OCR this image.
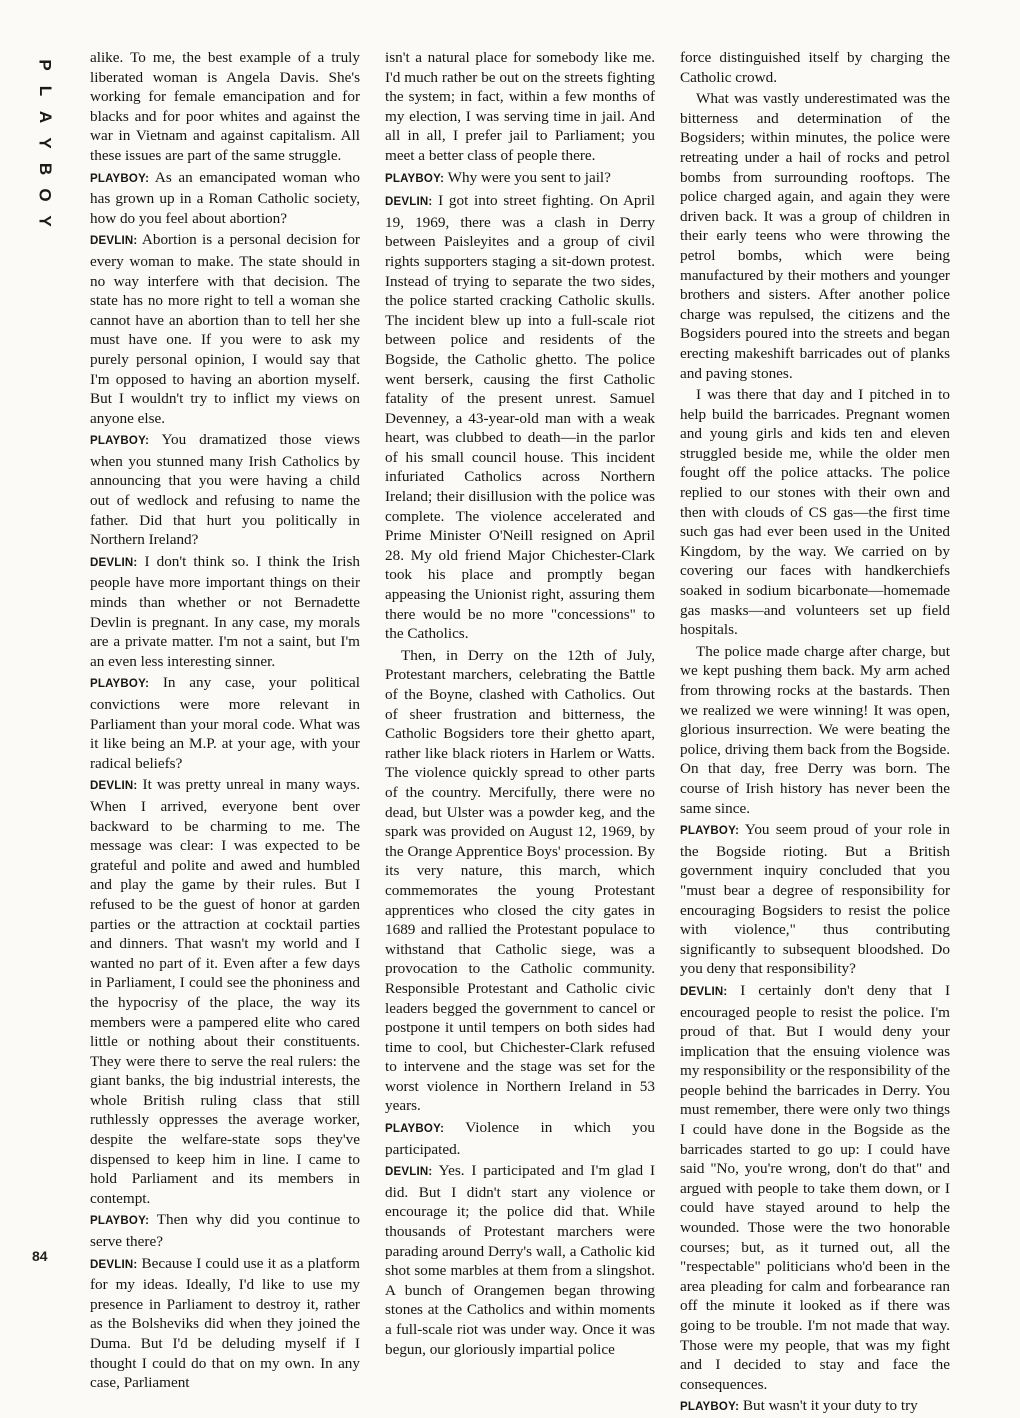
P
L
A
Y
B
O
Y
84

alike. To me, the best example of a truly liberated woman is Angela Davis. She's working for female emancipation and for blacks and for poor whites and against the war in Vietnam and against capitalism. All these issues are part of the same struggle.

PLAYBOY: As an emancipated woman who has grown up in a Roman Catholic society, how do you feel about abortion?

DEVLIN: Abortion is a personal decision for every woman to make. The state should in no way interfere with that decision. The state has no more right to tell a woman she cannot have an abortion than to tell her she must have one. If you were to ask my purely personal opinion, I would say that I'm opposed to having an abortion myself. But I wouldn't try to inflict my views on anyone else.

PLAYBOY: You dramatized those views when you stunned many Irish Catholics by announcing that you were having a child out of wedlock and refusing to name the father. Did that hurt you politically in Northern Ireland?

DEVLIN: I don't think so. I think the Irish people have more important things on their minds than whether or not Bernadette Devlin is pregnant. In any case, my morals are a private matter. I'm not a saint, but I'm an even less interesting sinner.

PLAYBOY: In any case, your political convictions were more relevant in Parliament than your moral code. What was it like being an M.P. at your age, with your radical beliefs?

DEVLIN: It was pretty unreal in many ways. When I arrived, everyone bent over backward to be charming to me. The message was clear: I was expected to be grateful and polite and awed and humbled and play the game by their rules. But I refused to be the guest of honor at garden parties or the attraction at cocktail parties and dinners. That wasn't my world and I wanted no part of it. Even after a few days in Parliament, I could see the phoniness and the hypocrisy of the place, the way its members were a pampered elite who cared little or nothing about their constituents. They were there to serve the real rulers: the giant banks, the big industrial interests, the whole British ruling class that still ruthlessly oppresses the average worker, despite the welfare-state sops they've dispensed to keep him in line. I came to hold Parliament and its members in contempt.

PLAYBOY: Then why did you continue to serve there?

DEVLIN: Because I could use it as a platform for my ideas. Ideally, I'd like to use my presence in Parliament to destroy it, rather as the Bolsheviks did when they joined the Duma. But I'd be deluding myself if I thought I could do that on my own. In any case, Parliament

isn't a natural place for somebody like me. I'd much rather be out on the streets fighting the system; in fact, within a few months of my election, I was serving time in jail. And all in all, I prefer jail to Parliament; you meet a better class of people there.

PLAYBOY: Why were you sent to jail?

DEVLIN: I got into street fighting. On April 19, 1969, there was a clash in Derry between Paisleyites and a group of civil rights supporters staging a sit-down protest. Instead of trying to separate the two sides, the police started cracking Catholic skulls. The incident blew up into a full-scale riot between police and residents of the Bogside, the Catholic ghetto. The police went berserk, causing the first Catholic fatality of the present unrest. Samuel Devenney, a 43-year-old man with a weak heart, was clubbed to death—in the parlor of his small council house. This incident infuriated Catholics across Northern Ireland; their disillusion with the police was complete. The violence accelerated and Prime Minister O'Neill resigned on April 28. My old friend Major Chichester-Clark took his place and promptly began appeasing the Unionist right, assuring them there would be no more "concessions" to the Catholics.

Then, in Derry on the 12th of July, Protestant marchers, celebrating the Battle of the Boyne, clashed with Catholics. Out of sheer frustration and bitterness, the Catholic Bogsiders tore their ghetto apart, rather like black rioters in Harlem or Watts. The violence quickly spread to other parts of the country. Mercifully, there were no dead, but Ulster was a powder keg, and the spark was provided on August 12, 1969, by the Orange Apprentice Boys' procession. By its very nature, this march, which commemorates the young Protestant apprentices who closed the city gates in 1689 and rallied the Protestant populace to withstand that Catholic siege, was a provocation to the Catholic community. Responsible Protestant and Catholic civic leaders begged the government to cancel or postpone it until tempers on both sides had time to cool, but Chichester-Clark refused to intervene and the stage was set for the worst violence in Northern Ireland in 53 years.

PLAYBOY: Violence in which you participated.

DEVLIN: Yes. I participated and I'm glad I did. But I didn't start any violence or encourage it; the police did that. While thousands of Protestant marchers were parading around Derry's wall, a Catholic kid shot some marbles at them from a slingshot. A bunch of Orangemen began throwing stones at the Catholics and within moments a full-scale riot was under way. Once it was begun, our gloriously impartial police

force distinguished itself by charging the Catholic crowd.

What was vastly underestimated was the bitterness and determination of the Bogsiders; within minutes, the police were retreating under a hail of rocks and petrol bombs from surrounding rooftops. The police charged again, and again they were driven back. It was a group of children in their early teens who were throwing the petrol bombs, which were being manufactured by their mothers and younger brothers and sisters. After another police charge was repulsed, the citizens and the Bogsiders poured into the streets and began erecting makeshift barricades out of planks and paving stones.

I was there that day and I pitched in to help build the barricades. Pregnant women and young girls and kids ten and eleven struggled beside me, while the older men fought off the police attacks. The police replied to our stones with their own and then with clouds of CS gas—the first time such gas had ever been used in the United Kingdom, by the way. We carried on by covering our faces with handkerchiefs soaked in sodium bicarbonate—homemade gas masks—and volunteers set up field hospitals.

The police made charge after charge, but we kept pushing them back. My arm ached from throwing rocks at the bastards. Then we realized we were winning! It was open, glorious insurrection. We were beating the police, driving them back from the Bogside. On that day, free Derry was born. The course of Irish history has never been the same since.

PLAYBOY: You seem proud of your role in the Bogside rioting. But a British government inquiry concluded that you "must bear a degree of responsibility for encouraging Bogsiders to resist the police with violence," thus contributing significantly to subsequent bloodshed. Do you deny that responsibility?

DEVLIN: I certainly don't deny that I encouraged people to resist the police. I'm proud of that. But I would deny your implication that the ensuing violence was my responsibility or the responsibility of the people behind the barricades in Derry. You must remember, there were only two things I could have done in the Bogside as the barricades started to go up: I could have said "No, you're wrong, don't do that" and argued with people to take them down, or I could have stayed around to help the wounded. Those were the two honorable courses; but, as it turned out, all the "respectable" politicians who'd been in the area pleading for calm and forbearance ran off the minute it looked as if there was going to be trouble. I'm not made that way. Those were my people, that was my fight and I decided to stay and face the consequences.

PLAYBOY: But wasn't it your duty to try
